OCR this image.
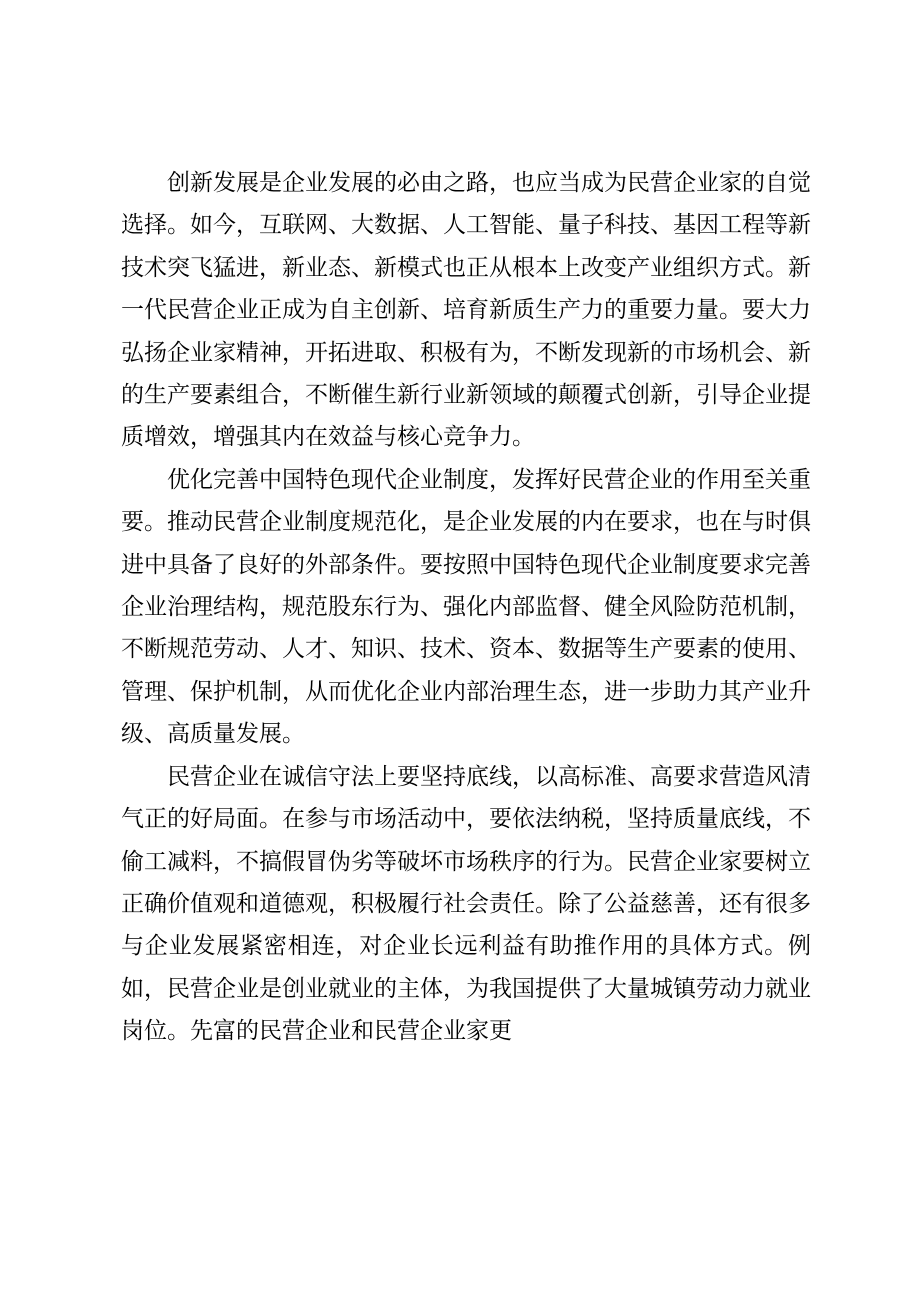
创新发展是企业发展的必由之路，也应当成为民营企业家的自觉选择。如今，互联网、大数据、人工智能、量子科技、基因工程等新技术突飞猛进，新业态、新模式也正从根本上改变产业组织方式。新一代民营企业正成为自主创新、培育新质生产力的重要力量。要大力弘扬企业家精神，开拓进取、积极有为，不断发现新的市场机会、新的生产要素组合，不断催生新行业新领域的颠覆式创新，引导企业提质增效，增强其内在效益与核心竞争力。

优化完善中国特色现代企业制度，发挥好民营企业的作用至关重要。推动民营企业制度规范化，是企业发展的内在要求，也在与时俱进中具备了良好的外部条件。要按照中国特色现代企业制度要求完善企业治理结构，规范股东行为、强化内部监督、健全风险防范机制，不断规范劳动、人才、知识、技术、资本、数据等生产要素的使用、管理、保护机制，从而优化企业内部治理生态，进一步助力其产业升级、高质量发展。

民营企业在诚信守法上要坚持底线，以高标准、高要求营造风清气正的好局面。在参与市场活动中，要依法纳税，坚持质量底线，不偷工减料，不搞假冒伪劣等破坏市场秩序的行为。民营企业家要树立正确价值观和道德观，积极履行社会责任。除了公益慈善，还有很多与企业发展紧密相连，对企业长远利益有助推作用的具体方式。例如，民营企业是创业就业的主体，为我国提供了大量城镇劳动力就业岗位。先富的民营企业和民营企业家更
